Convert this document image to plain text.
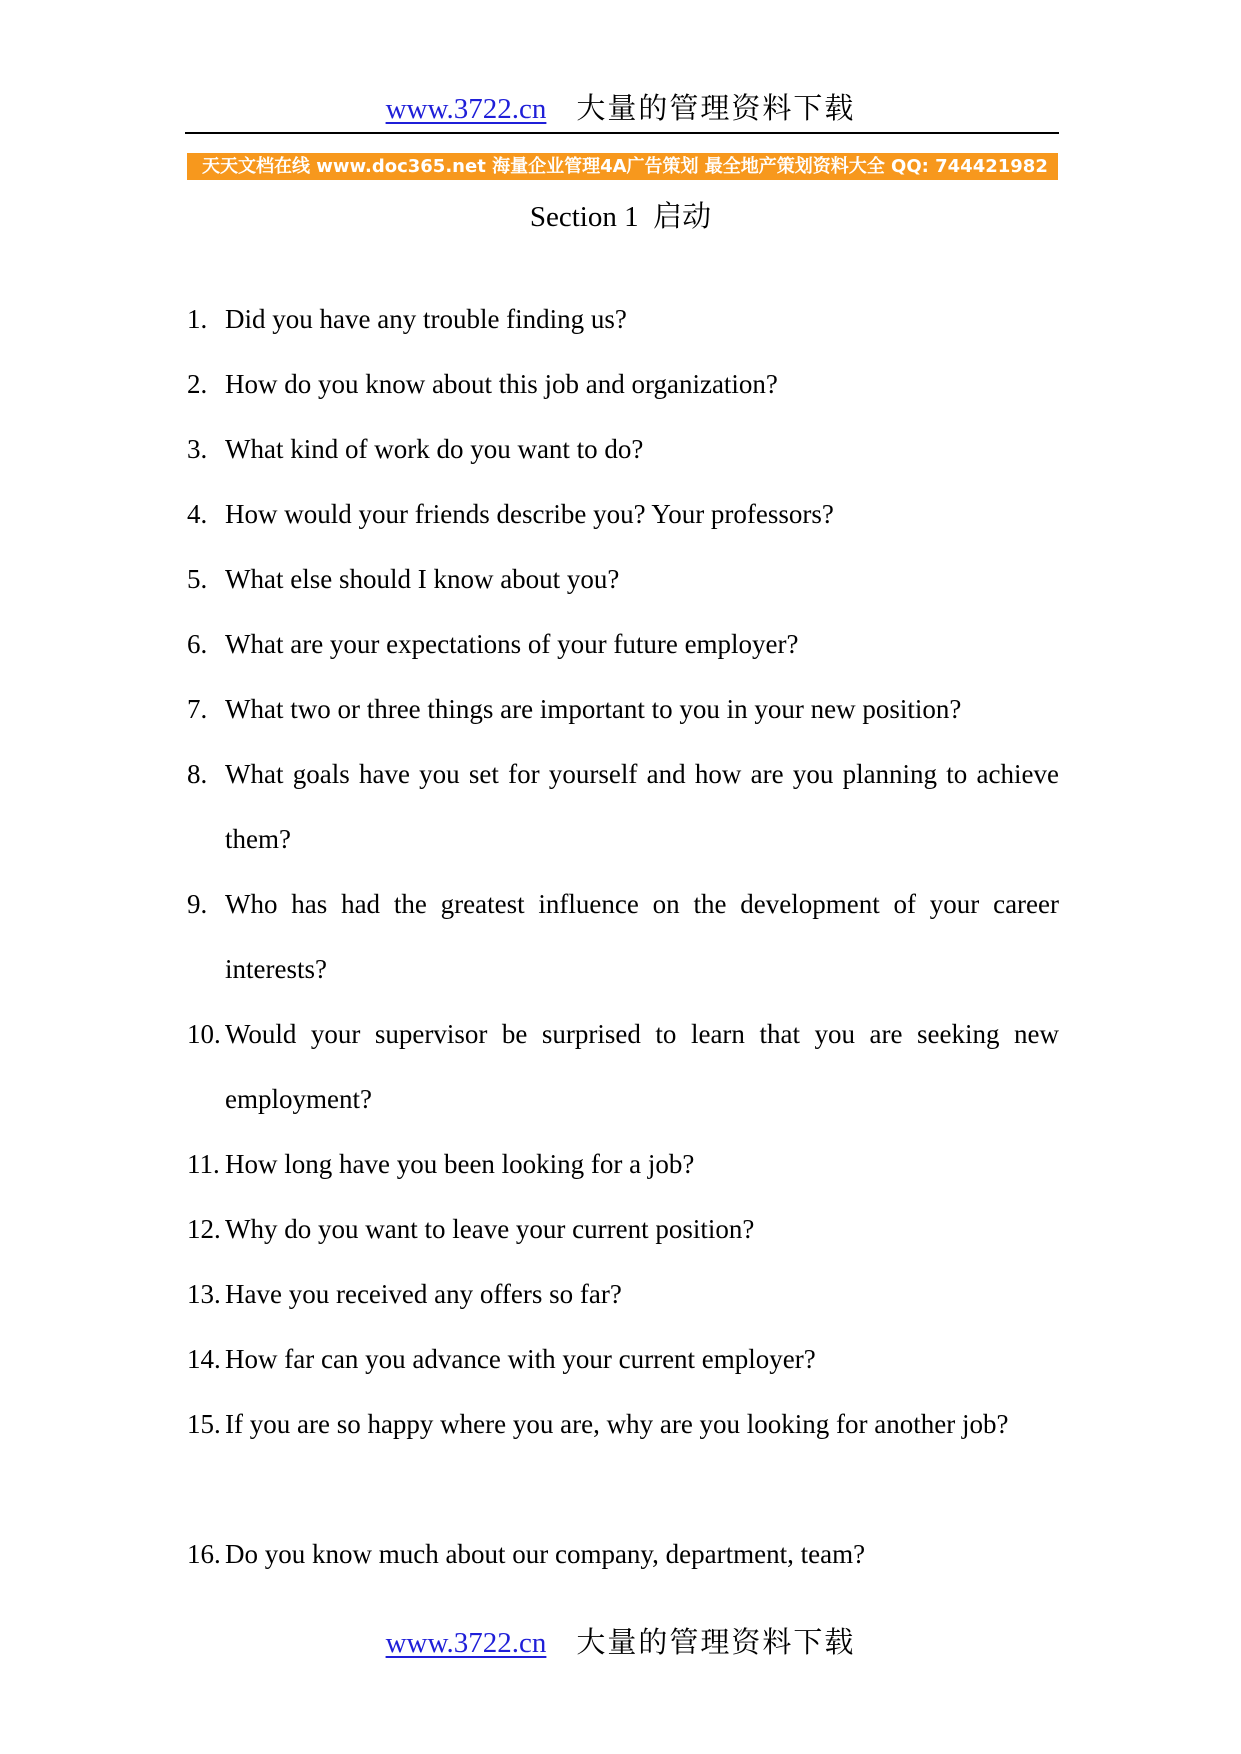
www.3722.cn 大量的管理资料下载
天天文档在线 www.doc365.net 海量企业管理4A广告策划 最全地产策划资料大全 QQ: 744421982
Section 1 启动
1. Did you have any trouble finding us?
2. How do you know about this job and organization?
3. What kind of work do you want to do?
4. How would your friends describe you? Your professors?
5. What else should I know about you?
6. What are your expectations of your future employer?
7. What two or three things are important to you in your new position?
8. What goals have you set for yourself and how are you planning to achieve them?
9. Who has had the greatest influence on the development of your career interests?
10. Would your supervisor be surprised to learn that you are seeking new employment?
11. How long have you been looking for a job?
12. Why do you want to leave your current position?
13. Have you received any offers so far?
14. How far can you advance with your current employer?
15. If you are so happy where you are, why are you looking for another job?
16. Do you know much about our company, department, team?
www.3722.cn 大量的管理资料下载
